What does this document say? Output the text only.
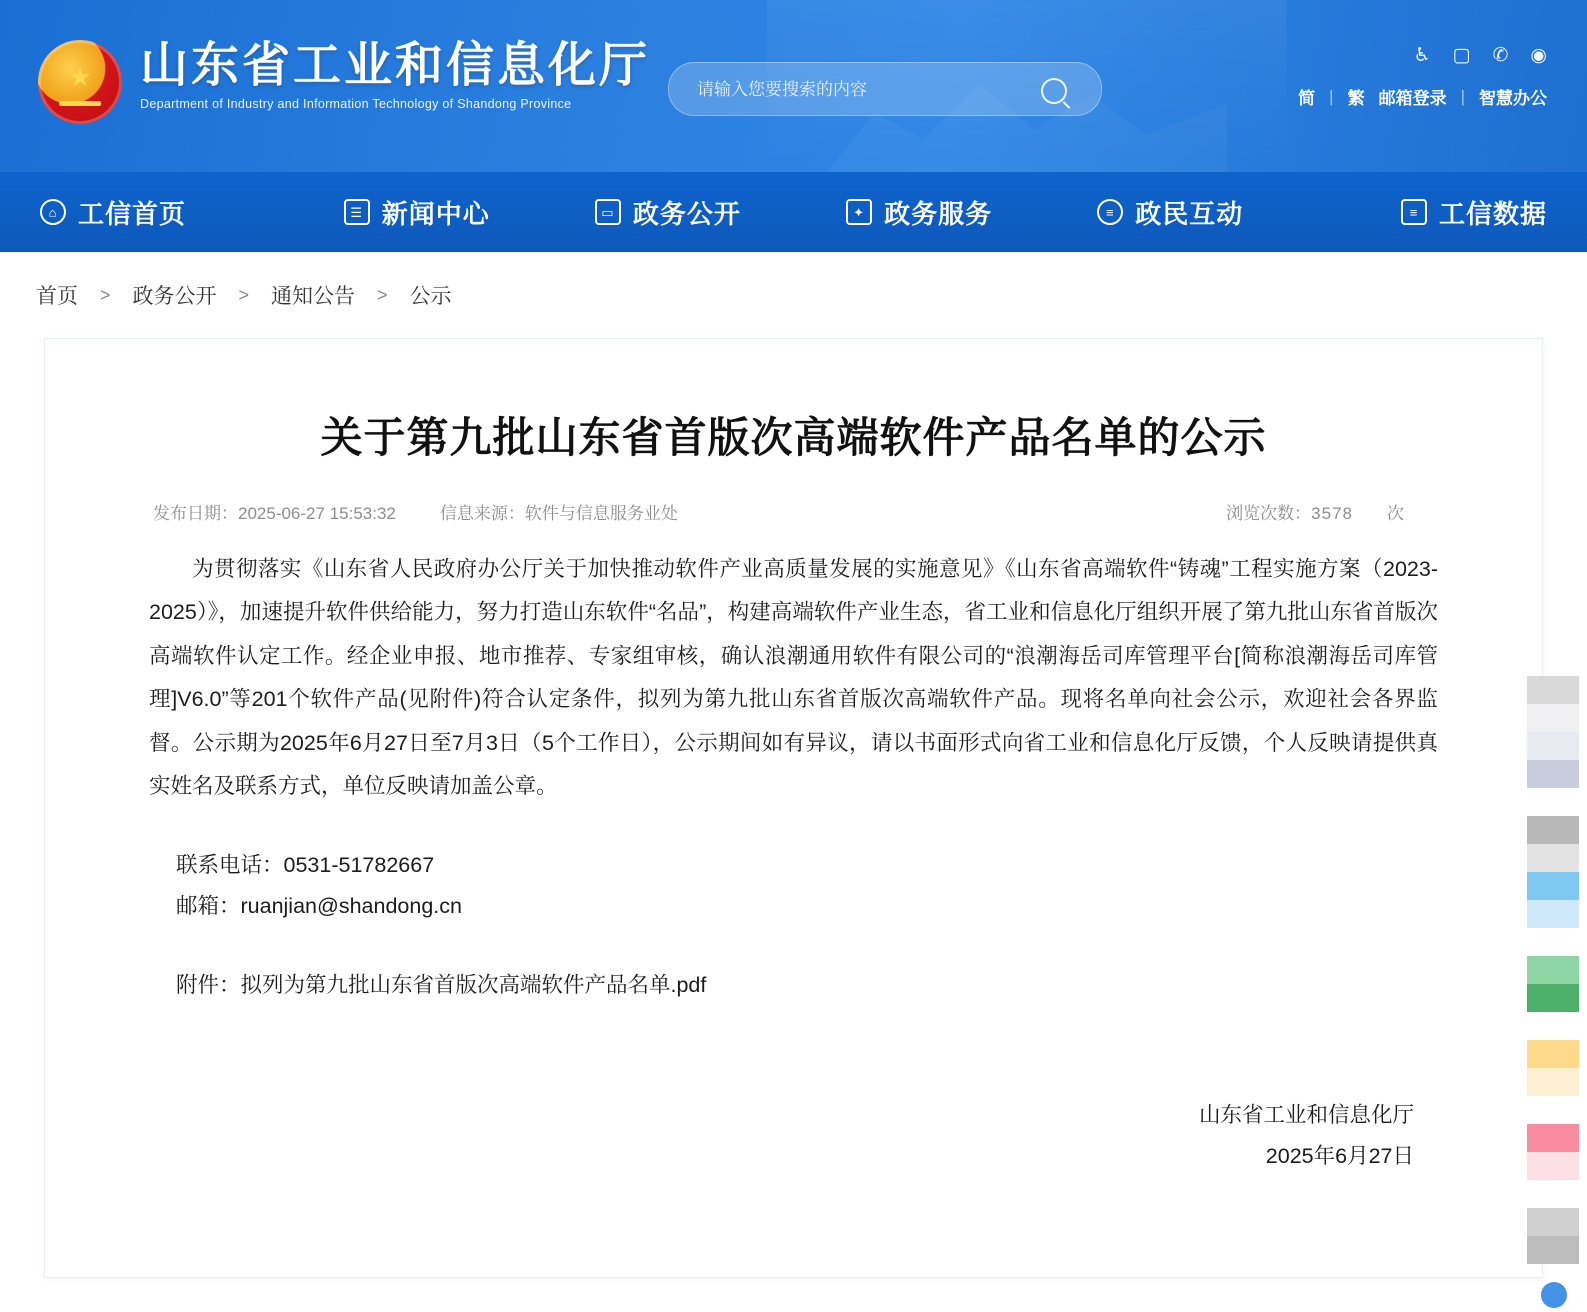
★ 山东省工业和信息化厅
Department of Industry and Information Technology of Shandong Province
请输入您要搜索的内容
♿ ▢ ✆ ◉
简 | 繁 邮箱登录 | 智慧办公
⌂ 工信首页	☰ 新闻中心	▭ 政务公开	✦ 政务服务	≡ 政民互动	≡ 工信数据
首页 > 政务公开 > 通知公告 > 公示
关于第九批山东省首版次高端软件产品名单的公示
发布日期：2025-06-27 15:53:32	信息来源：软件与信息服务业处	浏览次数：3578 次

为贯彻落实《山东省人民政府办公厅关于加快推动软件产业高质量发展的实施意见》《山东省高端软件“铸魂”工程实施方案（2023-2025）》，加速提升软件供给能力，努力打造山东软件“名品”，构建高端软件产业生态，省工业和信息化厅组织开展了第九批山东省首版次高端软件认定工作。经企业申报、地市推荐、专家组审核，确认浪潮通用软件有限公司的“浪潮海岳司库管理平台[简称浪潮海岳司库管理]V6.0”等201个软件产品(见附件)符合认定条件，拟列为第九批山东省首版次高端软件产品。现将名单向社会公示，欢迎社会各界监督。公示期为2025年6月27日至7月3日（5个工作日），公示期间如有异议，请以书面形式向省工业和信息化厅反馈，个人反映请提供真实姓名及联系方式，单位反映请加盖公章。

联系电话：0531-51782667
邮箱：ruanjian@shandong.cn
附件：拟列为第九批山东省首版次高端软件产品名单.pdf
山东省工业和信息化厅
2025年6月27日
